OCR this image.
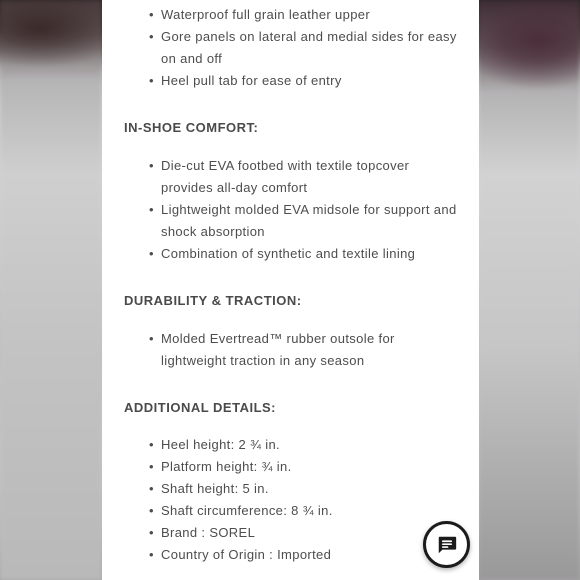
• Waterproof full grain leather upper
• Gore panels on lateral and medial sides for easy on and off
• Heel pull tab for ease of entry
IN-SHOE COMFORT:
• Die-cut EVA footbed with textile topcover provides all-day comfort
• Lightweight molded EVA midsole for support and shock absorption
• Combination of synthetic and textile lining
DURABILITY & TRACTION:
• Molded Evertread™ rubber outsole for lightweight traction in any season
ADDITIONAL DETAILS:
• Heel height: 2 ¾ in.
• Platform height: ¾ in.
• Shaft height: 5 in.
• Shaft circumference: 8 ¾ in.
• Brand : SOREL
• Country of Origin : Imported
